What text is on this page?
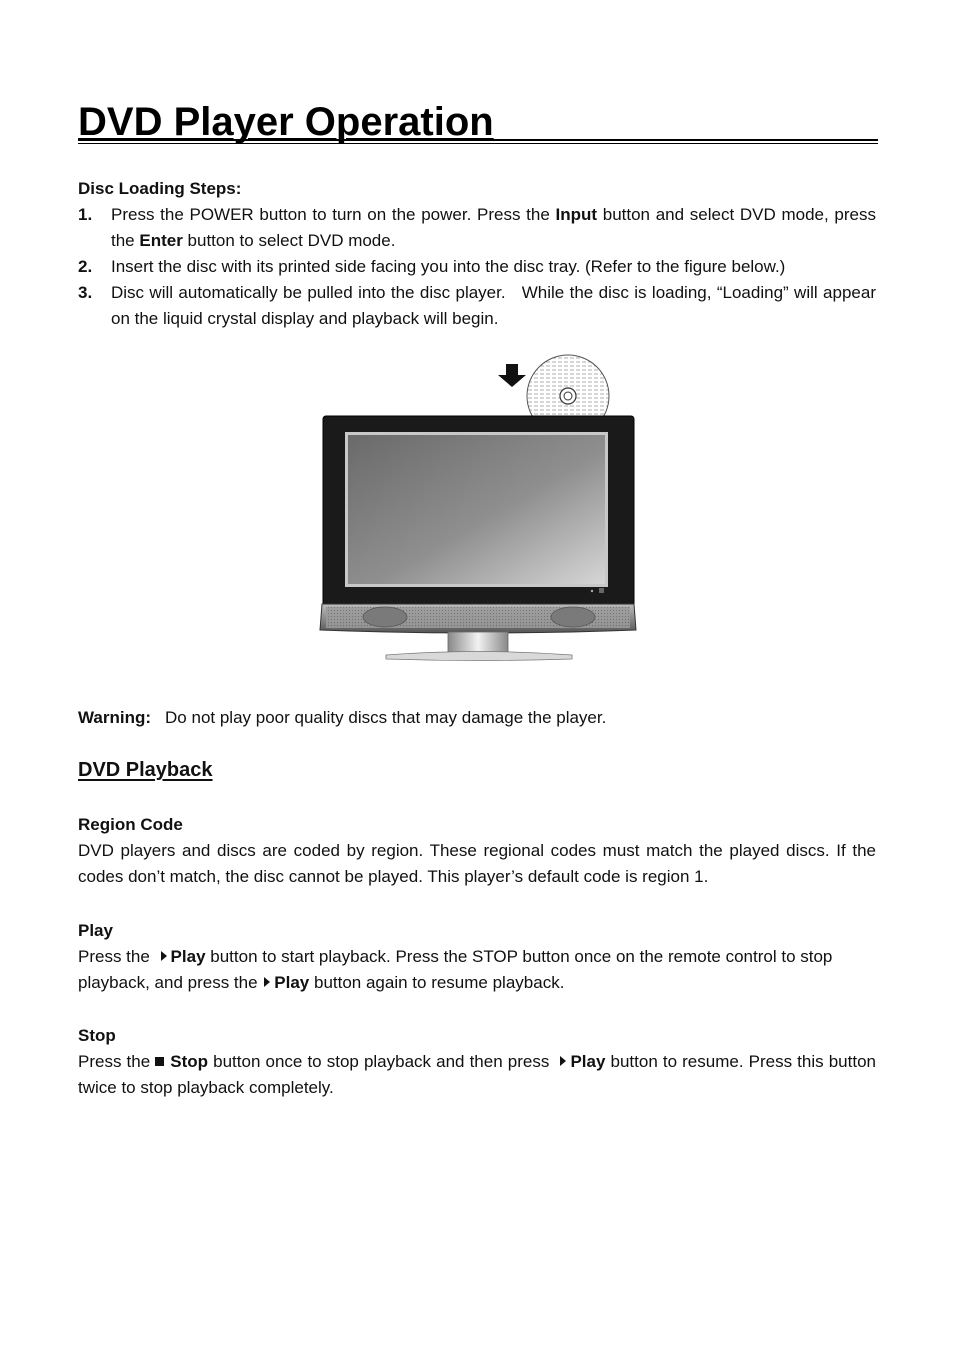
DVD Player Operation
Disc Loading Steps:
1. Press the POWER button to turn on the power. Press the Input button and select DVD mode, press the Enter button to select DVD mode.
2. Insert the disc with its printed side facing you into the disc tray. (Refer to the figure below.)
3. Disc will automatically be pulled into the disc player.   While the disc is loading, “Loading” will appear on the liquid crystal display and playback will begin.
Warning: Do not play poor quality discs that may damage the player.
DVD Playback
Region Code

DVD players and discs are coded by region. These regional codes must match the played discs. If the codes don’t match, the disc cannot be played. This player’s default code is region 1.

Play

Press the Play button to start playback. Press the STOP button once on the remote control to stop playback, and press the Play button again to resume playback.

Stop

Press the Stop button once to stop playback and then press Play button to resume. Press this button twice to stop playback completely.
